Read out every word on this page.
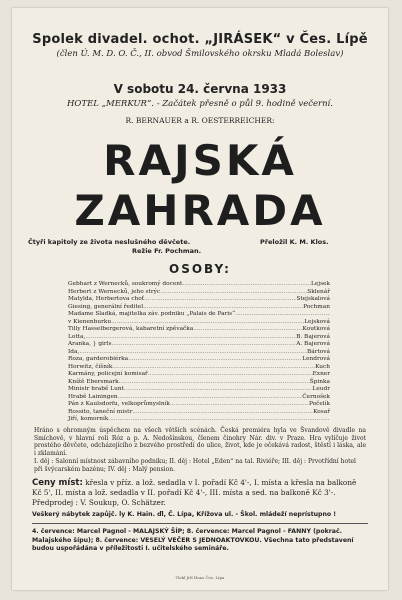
Spolek divadel. ochot. „JIRÁSEK“ v Čes. Lípě
(člen Ú. M. D. O. Č., II. obvod Šmilovského okrsku Mladá Boleslav)
V sobotu 24. června 1933
HOTEL „MERKUR“. - Začátek přesně o půl 9. hodině večerní.
R. BERNAUER a R. OESTERREICHER:
RAJSKÁ
ZAHRADA
Čtyři kapitoly ze života neslušného děvčete.	Přeložil K. M. Klos.
Režie Fr. Pochman.
OSOBY:
Gebhart z Wernecků, soukromý docent .....	Lejsek
Herbert z Wernecků, jeho strýc .....	Sklenář
Matylda, Herbertova choť .....	Stejskalová
Giesing, generální ředitel .....	Pochman
Madame Sladká, majitelka záv. podniku „Palais de Paris“
.....
v Kienenburku .....	Lejsková
Tilly Hasselbergerová, kabaretní zpěvačka .....	Koutková
Lotta, .....	B. Bajerová
Aranka, } girls .....	A. Bajerová
Ida, .....	Bártová
Roza, garderobiérka .....	Lendrová
Horwitz, číšník .....	Kuch
Karmány, policejní komisař .....	Exner
Knížě Ebersmark .....	Špinka
Ministr hrabě Lunt .....	Leudr
Hrabě Lainingen .....	Černošek
Pán z Kaulsdorfu, velkoprůmyslník .....	Počelík
Rossito, taneční mistr .....	Kosař
Jiří, komorník
.....
Hráno s ohromným úspěchem na všech větších scénách. Česká premiéra hyla ve Švandově divadle na Smíchově, v hlavní roli Róz a p. A. Nedošínskou, členem činohry Nár. div. v Praze. Hra vylíčuje život prostého děvčete, odcházejícího z bezvého prostředí do ulice, život, kde je očekává radost, štěstí i láska, ale i zklamání.
I. děj : Salonní místnost zábavního podniku; II. děj : Hotel „Eden“ na tal. Riviéře; III. děj : Prvotřídní hotel při švýcarském bazénu; IV. děj : Malý pension.
Ceny míst: křesla v příz. a lož. sedadla v I. pořadí Kč 4'-, I. místa a křesla na balkoně Kč 5', II. místa a lož. sedadla v II. pořadí Kč 4'-, III. místa a sed. na balkoně Kč 3'-. Předprodej : V. Soukup, O. Schätzer.
Veškerý nábytek zapůjč. ly K. Hain. ďl, Č. Lípa, Křížova ul. - Škol. mládeží neprístupno !
4. července: Marcel Pagnol - MALAJSKÝ ŠÍP; 8. července: Marcel Pagnol - FANNY (pokrač. Malajského šípu); 8. července: VESELÝ VEČER S JEDNOAKTOVKOU. Všechna tato představení budou uspořádána v příležitosti I. učitelského semináře.
Tiskl Jiří Haas Čes. Lípa
